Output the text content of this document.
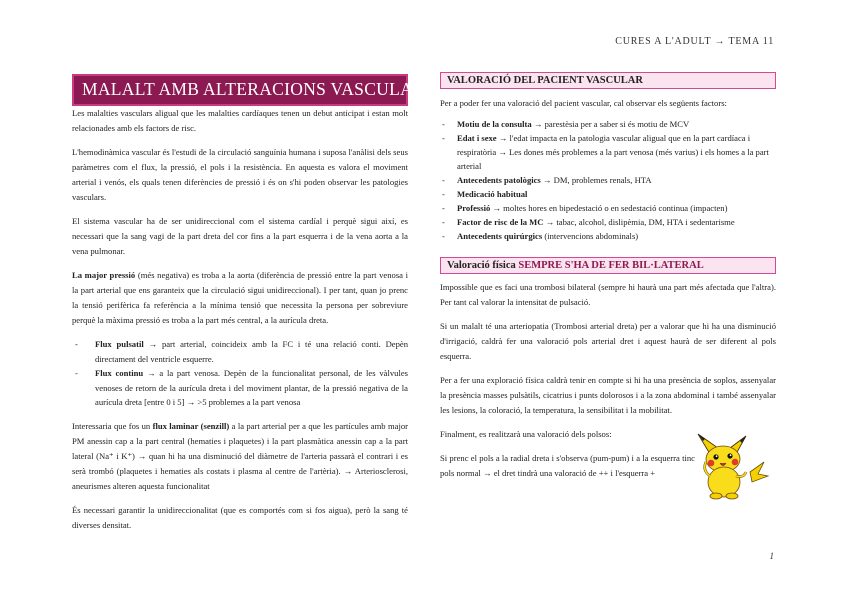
CURES A L'ADULT → TEMA 11
MALALT AMB ALTERACIONS VASCULARS

Les malalties vasculars aligual que les malalties cardíaques tenen un debut anticipat i estan molt relacionades amb els factors de risc.

L'hemodinàmica vascular és l'estudi de la circulació sanguínia humana i suposa l'anàlisi dels seus paràmetres com el flux, la pressió, el pols i la resistència. En aquesta es valora el moviment arterial i venós, els quals tenen diferències de pressió i és on s'hi poden observar les patologies vasculars.

El sistema vascular ha de ser unidireccional com el sistema cardíal i perquè sigui així, es necessari que la sang vagi de la part dreta del cor fins a la part esquerra i de la vena aorta a la vena pulmonar.

La major pressió (més negativa) es troba a la aorta (diferència de pressió entre la part venosa i la part arterial que ens garanteix que la circulació sigui unidireccional). I per tant, quan jo prenc la tensió perifèrica fa referència a la mínima tensió que necessita la persona per sobreviure perquè la màxima pressió es troba a la part més central, a la aurícula dreta.

- Flux pulsatil → part arterial, coincideix amb la FC i té una relació conti. Depèn directament del ventricle esquerre.
- Flux continu → a la part venosa. Depèn de la funcionalitat personal, de les vàlvules venoses de retorn de la aurícula dreta i del moviment plantar, de la pressió negativa de la aurícula dreta [entre 0 i 5] → >5 problemes a la part venosa

Interessaria que fos un flux laminar (senzill) a la part arterial per a que les partícules amb major PM anessin cap a la part central (hematies i plaquetes) i la part plasmàtica anessin cap a la part lateral (Na⁺ i K⁺) → quan hi ha una disminució del diàmetre de l'arteria passarà el contrari i es serà trombó (plaquetes i hematies als costats i plasma al centre de l'artèria). → Arteriosclerosi, aneurismes alteren aquesta funcionalitat

És necessari garantir la unidireccionalitat (que es comportés com si fos aigua), però la sang té diverses densitat.

VALORACIÓ DEL PACIENT VASCULAR

Per a poder fer una valoració del pacient vascular, cal observar els següents factors:

- Motiu de la consulta → parestèsia per a saber si és motiu de MCV
- Edat i sexe → l'edat impacta en la patologia vascular aligual que en la part cardíaca i respiratòria → Les dones més problemes a la part venosa (més varius) i els homes a la part arterial
- Antecedents patològics → DM, problemes renals, HTA
- Medicació habitual
- Professió → moltes hores en bipedestació o en sedestació continua (impacten)
- Factor de risc de la MC → tabac, alcohol, dislipèmia, DM, HTA i sedentarisme
- Antecedents quirúrgics (intervencions abdominals)
Valoració física SEMPRE S'HA DE FER BIL·LATERAL

Impossible que es faci una trombosi bilateral (sempre hi haurà una part més afectada que l'altra). Per tant cal valorar la intensitat de pulsació.

Si un malalt té una arteriopatia (Trombosi arterial dreta) per a valorar que hi ha una disminució d'irrigació, caldrà fer una valoració pols arterial dret i aquest haurà de ser diferent al pols esquerra.

Per a fer una exploració física caldrà tenir en compte si hi ha una presència de soplos, assenyalar la presència masses pulsàtils, cicatrius i punts dolorosos i a la zona abdominal i també assenyalar les lesions, la coloració, la temperatura, la sensibilitat i la mobilitat.

Finalment, es realitzarà una valoració dels polsos:

Si prenc el pols a la radial dreta i s'observa (pum-pum) i a la esquerra tinc pols normal → el dret tindrà una valoració de ++ i l'esquerra +

1
